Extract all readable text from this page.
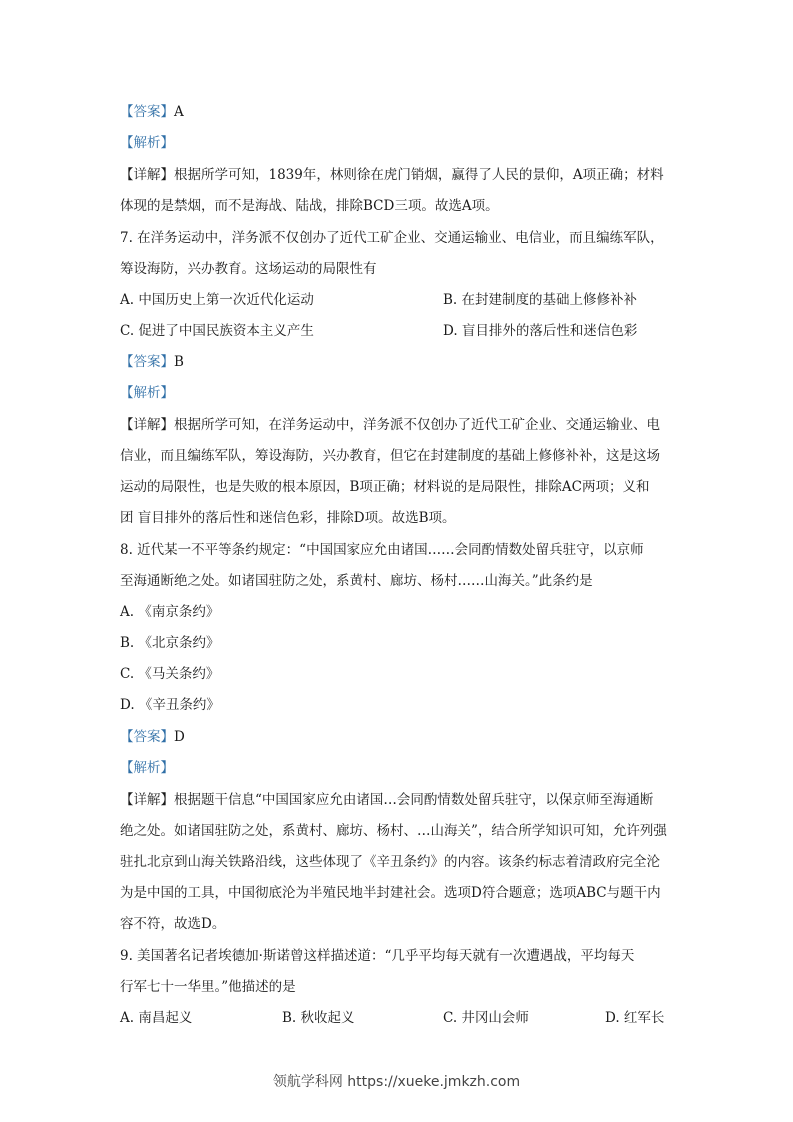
【答案】A
【解析】
【详解】根据所学可知，1839年，林则徐在虎门销烟，赢得了人民的景仰，A项正确；材料
体现的是禁烟，而不是海战、陆战，排除BCD三项。故选A项。
7. 在洋务运动中，洋务派不仅创办了近代工矿企业、交通运输业、电信业，而且编练军队，
筹设海防，兴办教育。这场运动的局限性有
A. 中国历史上第一次近代化运动	B. 在封建制度的基础上修修补补
C. 促进了中国民族资本主义产生	D. 盲目排外的落后性和迷信色彩
【答案】B
【解析】
【详解】根据所学可知，在洋务运动中，洋务派不仅创办了近代工矿企业、交通运输业、电
信业，而且编练军队，筹设海防，兴办教育，但它在封建制度的基础上修修补补，这是这场
运动的局限性，也是失败的根本原因，B项正确；材料说的是局限性，排除AC两项；义和
团 盲目排外的落后性和迷信色彩，排除D项。故选B项。
8. 近代某一不平等条约规定：“中国国家应允由诸国……会同酌情数处留兵驻守，以京师
至海通断绝之处。如诸国驻防之处，系黄村、廊坊、杨村……山海关。”此条约是
A. 《南京条约》
B. 《北京条约》
C. 《马关条约》
D. 《辛丑条约》
【答案】D
【解析】
【详解】根据题干信息“中国国家应允由诸国…会同酌情数处留兵驻守，以保京师至海通断
绝之处。如诸国驻防之处，系黄村、廊坊、杨村、…山海关”，结合所学知识可知，允许列强
驻扎北京到山海关铁路沿线，这些体现了《辛丑条约》的内容。该条约标志着清政府完全沦
为是中国的工具，中国彻底沦为半殖民地半封建社会。选项D符合题意；选项ABC与题干内
容不符，故选D。
9. 美国著名记者埃德加·斯诺曾这样描述道：“几乎平均每天就有一次遭遇战，平均每天
行军七十一华里。”他描述的是
A. 南昌起义	B. 秋收起义	C. 井冈山会师	D. 红军长
领航学科网 https://xueke.jmkzh.com
